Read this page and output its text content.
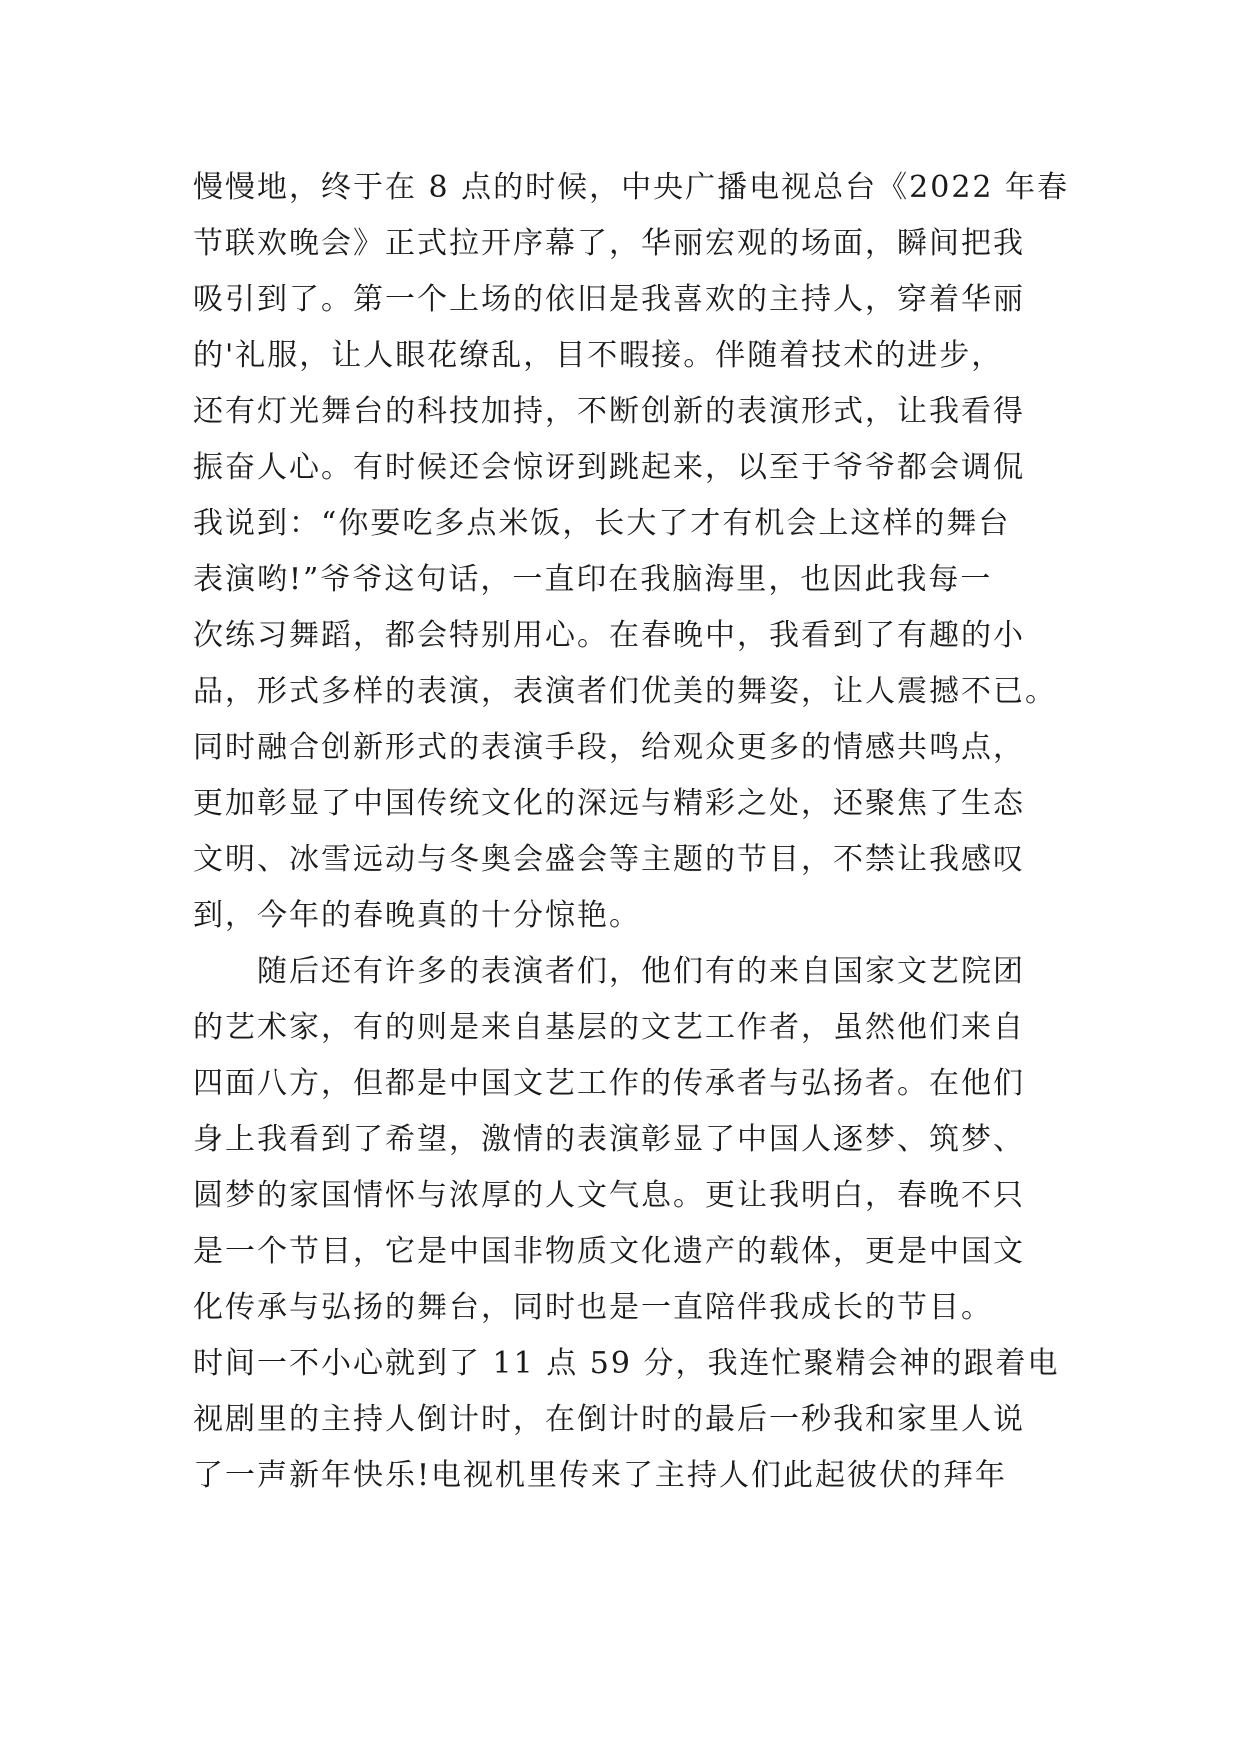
慢慢地，终于在 8 点的时候，中央广播电视总台《2022 年春
节联欢晚会》正式拉开序幕了，华丽宏观的场面，瞬间把我
吸引到了。第一个上场的依旧是我喜欢的主持人，穿着华丽
的'礼服，让人眼花缭乱，目不暇接。伴随着技术的进步，
还有灯光舞台的科技加持，不断创新的表演形式，让我看得
振奋人心。有时候还会惊讶到跳起来，以至于爷爷都会调侃
我说到：“你要吃多点米饭，长大了才有机会上这样的舞台
表演哟!”爷爷这句话，一直印在我脑海里，也因此我每一
次练习舞蹈，都会特别用心。在春晚中，我看到了有趣的小
品，形式多样的表演，表演者们优美的舞姿，让人震撼不已。
同时融合创新形式的表演手段，给观众更多的情感共鸣点，
更加彰显了中国传统文化的深远与精彩之处，还聚焦了生态
文明、冰雪远动与冬奥会盛会等主题的节目，不禁让我感叹
到，今年的春晚真的十分惊艳。
随后还有许多的表演者们，他们有的来自国家文艺院团
的艺术家，有的则是来自基层的文艺工作者，虽然他们来自
四面八方，但都是中国文艺工作的传承者与弘扬者。在他们
身上我看到了希望，激情的表演彰显了中国人逐梦、筑梦、
圆梦的家国情怀与浓厚的人文气息。更让我明白，春晚不只
是一个节目，它是中国非物质文化遗产的载体，更是中国文
化传承与弘扬的舞台，同时也是一直陪伴我成长的节目。
时间一不小心就到了 11 点 59 分，我连忙聚精会神的跟着电
视剧里的主持人倒计时，在倒计时的最后一秒我和家里人说
了一声新年快乐!电视机里传来了主持人们此起彼伏的拜年
